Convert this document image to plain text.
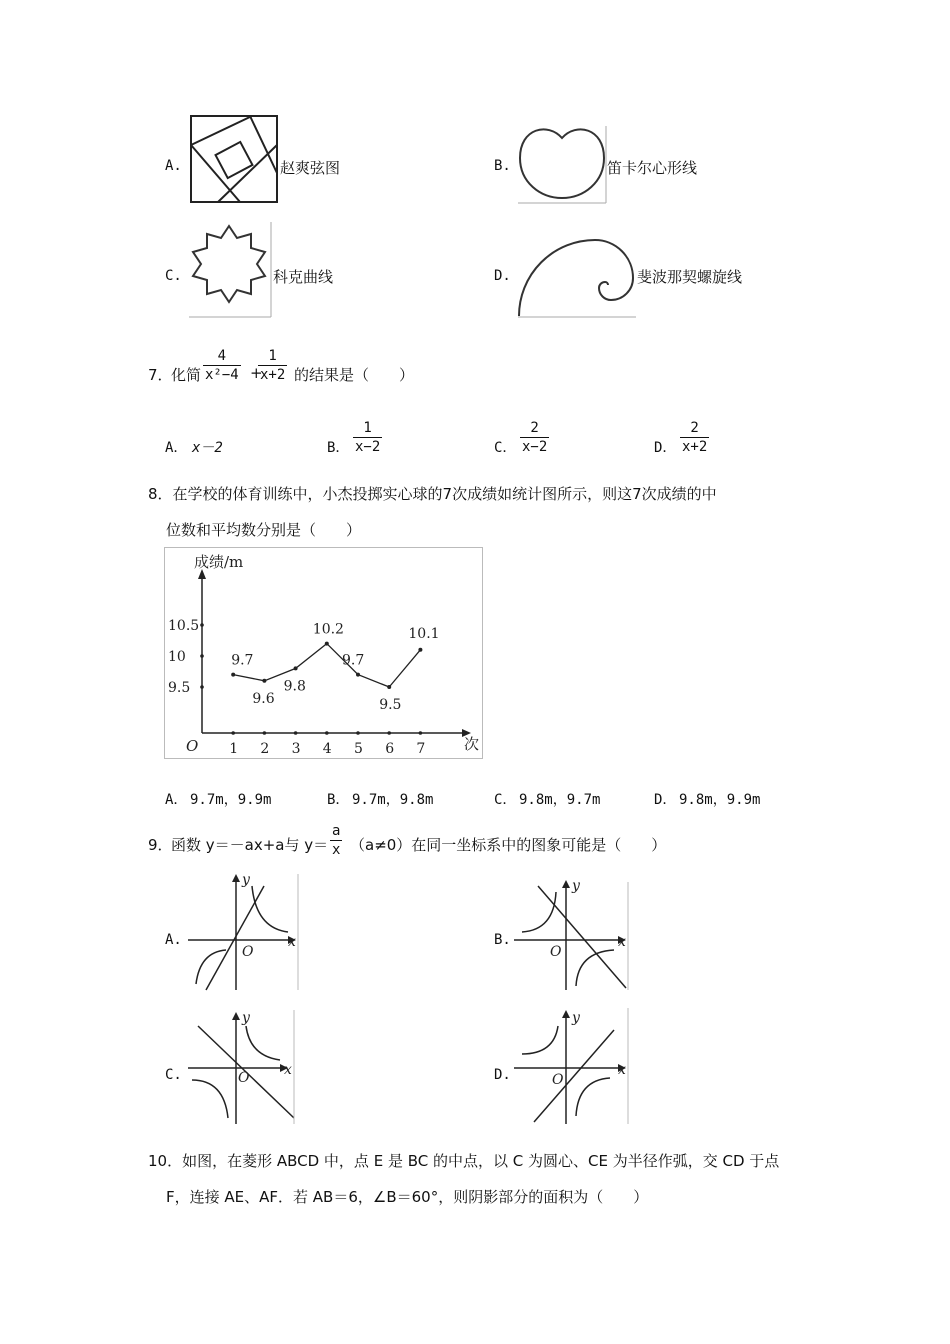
A.	赵爽弦图	B.	笛卡尔心形线
C.	科克曲线	D.	斐波那契螺旋线
7．
化简 $\frac{4}{\text{x²−4}}$ +
$\frac{1}{x+2}$ 的结果是（　　）
A． x－2	B． $\frac{1}{x-2}$	C． $\frac{2}{x-2}$	D． $\frac{2}{x+2}$
8．在学校的体育训练中，小杰投掷实心球的7次成绩如统计图所示，则这7次成绩的中
位数和平均数分别是（　　）
成绩/m
次
O
9.5
10
10.5
1 2 3 4 5 6 7
9.7
9.6
9.8
10.2
9.7
9.5
10.1
A． 9.7m，9.9m	B． 9.7m，9.8m	C． 9.8m，9.7m	D． 9.8m，9.9m
9．
函数 y＝－ax+a与 $y= \frac{a}{x} (a\ne 0)$在同一坐标系中的图象可能是（　　）
A.
O
x
y
B.
O
x
y
C.	O x
y
D.	O
x
y
10．如图，在菱形 ABCD 中，点 E 是 BC 的中点，以 C 为圆心、CE 为半径作弧，交 CD 于点
F，连接 AE、AF．若 AB＝6，∠B＝60°，则阴影部分的面积为（　　）
